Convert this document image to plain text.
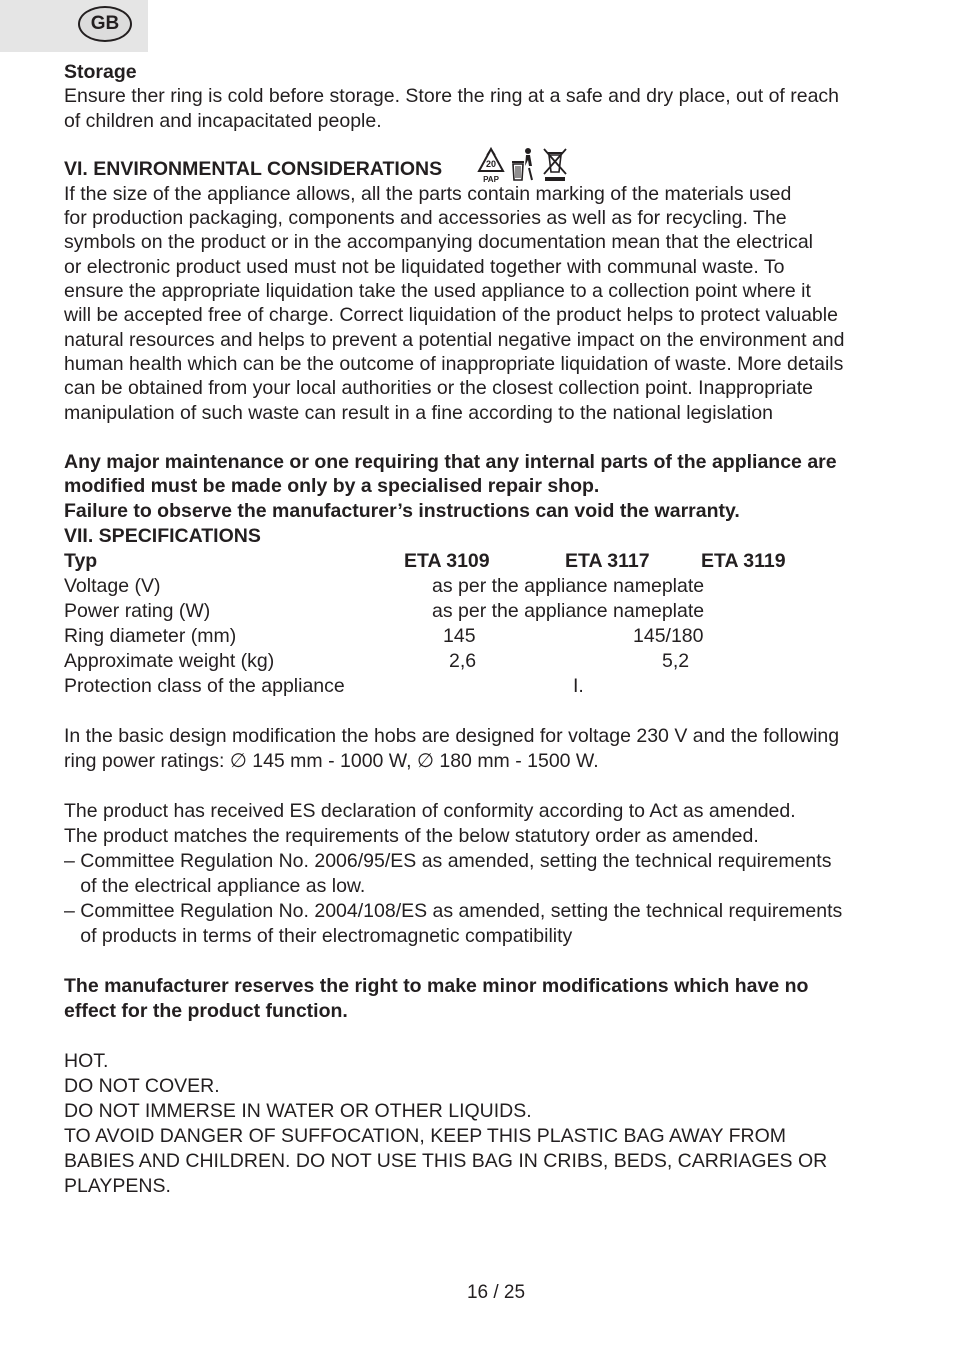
GB
Storage
Ensure ther ring is cold before storage. Store the ring at a safe and dry place, out of reach
of children and incapacitated people.
VI. ENVIRONMENTAL CONSIDERATIONS	20
PAP
If the size of the appliance allows, all the parts contain marking of the materials used
for production packaging, components and accessories as well as for recycling. The
symbols on the product or in the accompanying documentation mean that the electrical
or electronic product used must not be liquidated together with communal waste. To
ensure the appropriate liquidation take the used appliance to a collection point where it
will be accepted free of charge. Correct liquidation of the product helps to protect valuable
natural resources and helps to prevent a potential negative impact on the environment and
human health which can be the outcome of inappropriate liquidation of waste. More details
can be obtained from your local authorities or the closest collection point. Inappropriate
manipulation of such waste can result in a fine according to the national legislation
Any major maintenance or one requiring that any internal parts of the appliance are
modified must be made only by a specialised repair shop.
Failure to observe the manufacturer’s instructions can void the warranty.
VII. SPECIFICATIONS
Typ	ETA 3109	ETA 3117	ETA 3119
Voltage (V)	as per the appliance nameplate
Power rating (W)	as per the appliance nameplate
Ring diameter (mm)	145	145/180
Approximate weight (kg)	2,6	5,2
Protection class of the appliance	I.
In the basic design modification the hobs are designed for voltage 230 V and the following
ring power ratings: ∅ 145 mm - 1000 W, ∅ 180 mm - 1500 W.
The product has received ES declaration of conformity according to Act as amended.
The product matches the requirements of the below statutory order as amended.
– Committee Regulation No. 2006/95/ES as amended, setting the technical requirements
of the electrical appliance as low.
– Committee Regulation No. 2004/108/ES as amended, setting the technical requirements
of products in terms of their electromagnetic compatibility
The manufacturer reserves the right to make minor modifications which have no
effect for the product function.
HOT.
DO NOT COVER.
DO NOT IMMERSE IN WATER OR OTHER LIQUIDS.
TO AVOID DANGER OF SUFFOCATION, KEEP THIS PLASTIC BAG AWAY FROM
BABIES AND CHILDREN. DO NOT USE THIS BAG IN CRIBS, BEDS, CARRIAGES OR
PLAYPENS.
16 / 25
